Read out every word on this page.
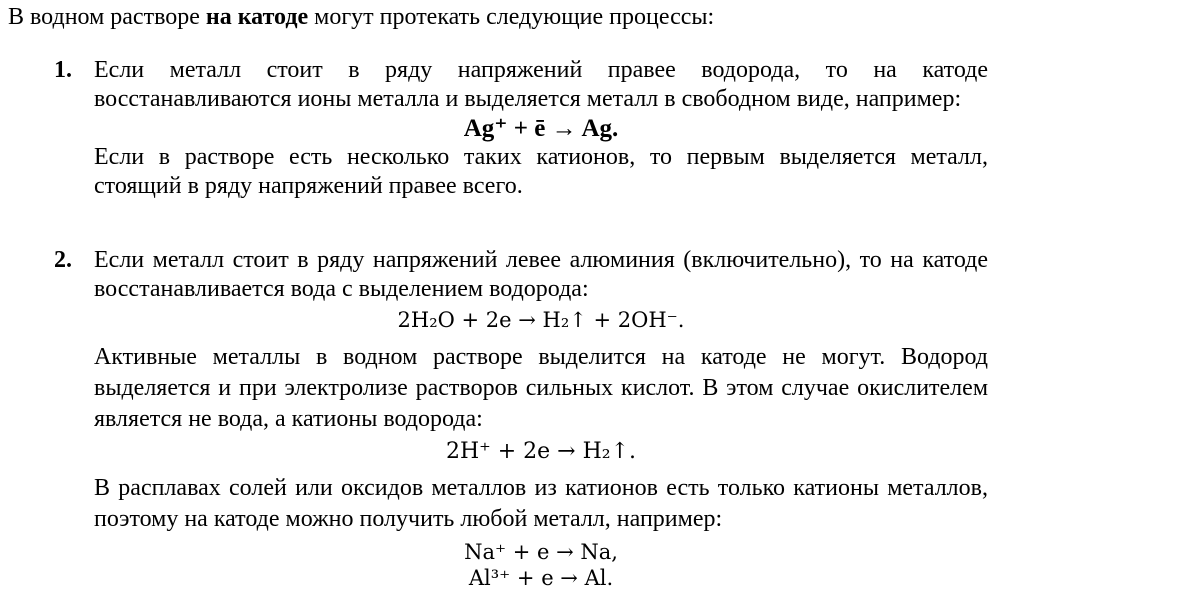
В водном растворе на катоде могут протекать следующие процессы:
1. Если металл стоит в ряду напряжений правее водорода, то на катоде

восстанавливаются ионы металла и выделяется металл в свободном виде, например:

Ag⁺ + ē → Ag.

Если в растворе есть несколько таких катионов, то первым выделяется металл,

стоящий в ряду напряжений правее всего.

2. Если металл стоит в ряду напряжений левее алюминия (включительно), то на катоде

восстанавливается вода с выделением водорода:

2H₂O + 2e → H₂↑ + 2OH⁻.

Активные металлы в водном растворе выделится на катоде не могут. Водород

выделяется и при электролизе растворов сильных кислот. В этом случае окислителем

является не вода, а катионы водорода:

2H⁺ + 2e → H₂↑.

В расплавах солей или оксидов металлов из катионов есть только катионы металлов,

поэтому на катоде можно получить любой металл, например:

Na⁺ + e → Na,

Al³⁺ + e → Al.
